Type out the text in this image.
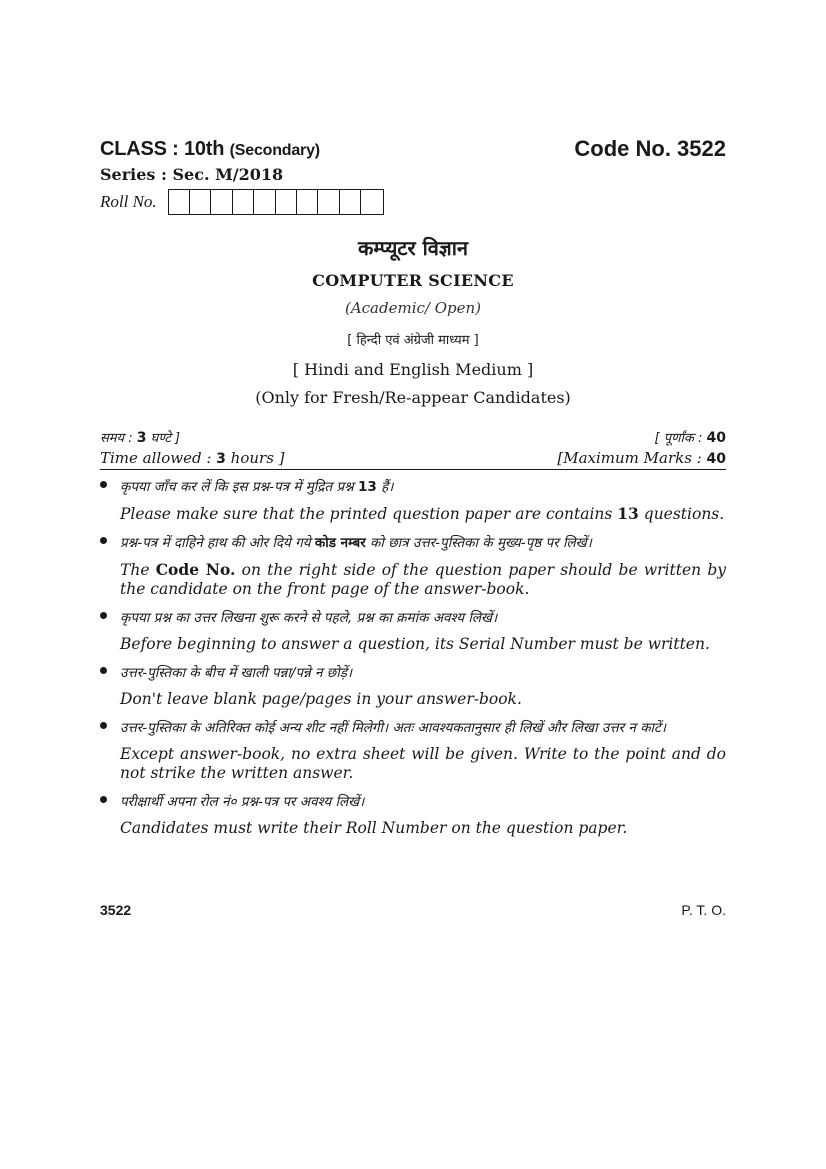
CLASS : 10th (Secondary)	Code No. 3522
Series : Sec. M/2018
Roll No.
कम्प्यूटर विज्ञान
COMPUTER SCIENCE
(Academic/ Open)
[ हिन्दी एवं अंग्रेजी माध्यम ]
[ Hindi and English Medium ]
(Only for Fresh/Re-appear Candidates)
समय : 3 घण्टे ]	[ पूर्णांक : 40
Time allowed : 3 hours ]	[Maximum Marks : 40
कृपया जाँच कर लें कि इस प्रश्न-पत्र में मुद्रित प्रश्न 13 हैं।
Please make sure that the printed question paper are contains 13 questions.
प्रश्न-पत्र में दाहिने हाथ की ओर दिये गये कोड नम्बर को छात्र उत्तर-पुस्तिका के मुख्य-पृष्ठ पर लिखें।
The Code No. on the right side of the question paper should be written by the candidate on the front page of the answer-book.
कृपया प्रश्न का उत्तर लिखना शुरू करने से पहले, प्रश्न का क्रमांक अवश्य लिखें।
Before beginning to answer a question, its Serial Number must be written.
उत्तर-पुस्तिका के बीच में खाली पन्ना/पन्ने न छोड़ें।
Don't leave blank page/pages in your answer-book.
उत्तर-पुस्तिका के अतिरिक्त कोई अन्य शीट नहीं मिलेगी। अतः आवश्यकतानुसार ही लिखें और लिखा उत्तर न काटें।
Except answer-book, no extra sheet will be given. Write to the point and do not strike the written answer.
परीक्षार्थी अपना रोल नं० प्रश्न-पत्र पर अवश्य लिखें।
Candidates must write their Roll Number on the question paper.
3522	P. T. O.
